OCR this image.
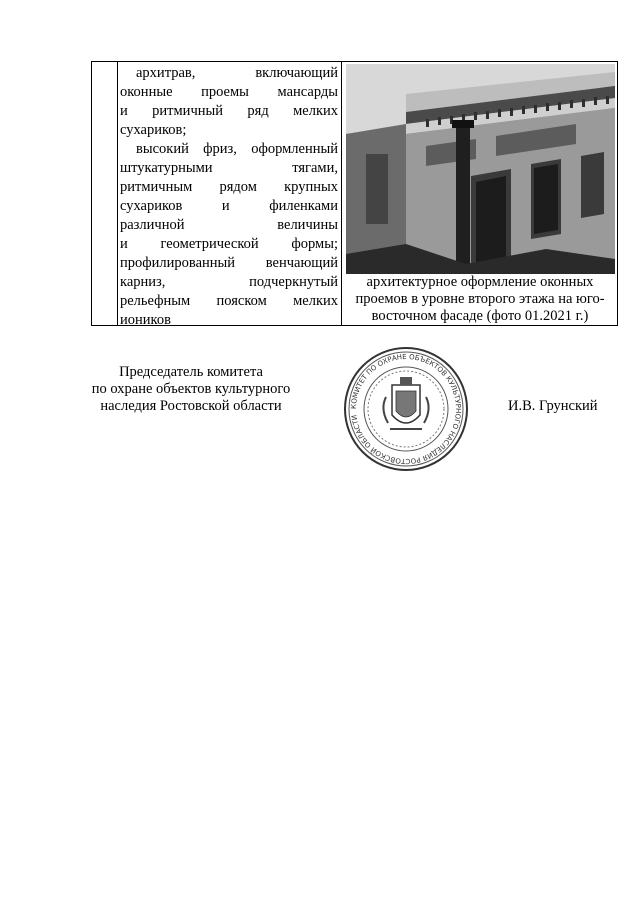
архитрав, включающий

оконные проемы мансарды

и ритмичный ряд мелких

сухариков;

высокий фриз, оформленный

штукатурными тягами,

ритмичным рядом крупных

сухариков и филенками

различной величины

и геометрической формы;

профилированный венчающий

карниз, подчеркнутый

рельефным пояском мелких

иоников

архитектурное оформление оконных проемов в уровне второго этажа на юго-восточном фасаде (фото 01.2021 г.)
Председатель комитета
по охране объектов культурного
наследия Ростовской области	КОМИТЕТ ПО ОХРАНЕ ОБЪЕКТОВ КУЛЬТУРНОГО НАСЛЕДИЯ РОСТОВСКОЙ ОБЛАСТИ
И.В. Грунский
